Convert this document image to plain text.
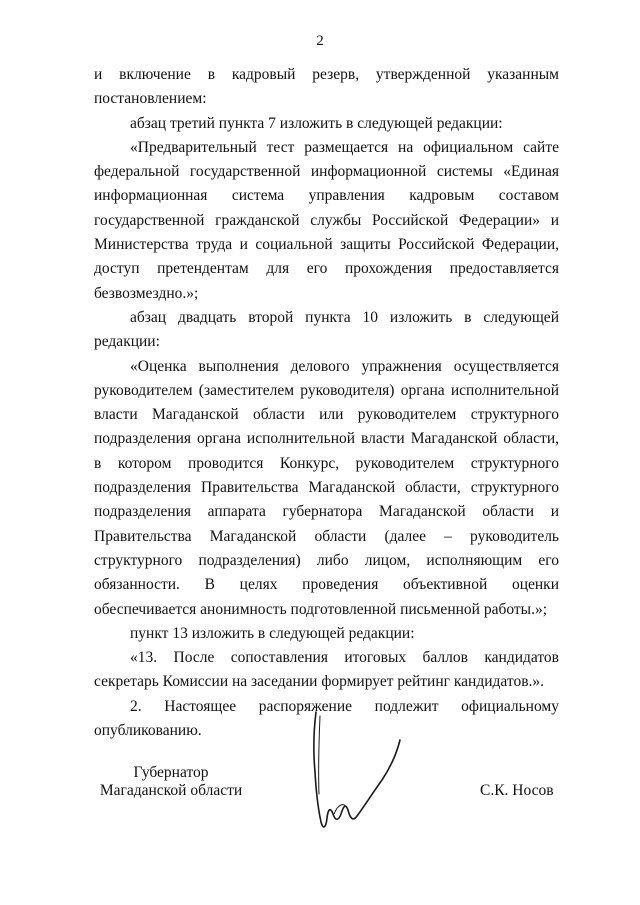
2

и включение в кадровый резерв, утвержденной указанным постановлением:

абзац третий пункта 7 изложить в следующей редакции:

«Предварительный тест размещается на официальном сайте федеральной государственной информационной системы «Единая информационная система управления кадровым составом государственной гражданской службы Российской Федерации» и Министерства труда и социальной защиты Российской Федерации, доступ претендентам для его прохождения предоставляется безвозмездно.»;

абзац двадцать второй пункта 10 изложить в следующей редакции:

«Оценка выполнения делового упражнения осуществляется руководителем (заместителем руководителя) органа исполнительной власти Магаданской области или руководителем структурного подразделения органа исполнительной власти Магаданской области, в котором проводится Конкурс, руководителем структурного подразделения Правительства Магаданской области, структурного подразделения аппарата губернатора Магаданской области и Правительства Магаданской области (далее – руководитель структурного подразделения) либо лицом, исполняющим его обязанности. В целях проведения объективной оценки обеспечивается анонимность подготовленной письменной работы.»;

пункт 13 изложить в следующей редакции:

«13. После сопоставления итоговых баллов кандидатов секретарь Комиссии на заседании формирует рейтинг кандидатов.».

2. Настоящее распоряжение подлежит официальному опубликованию.

Губернатор
Магаданской области	С.К. Носов
